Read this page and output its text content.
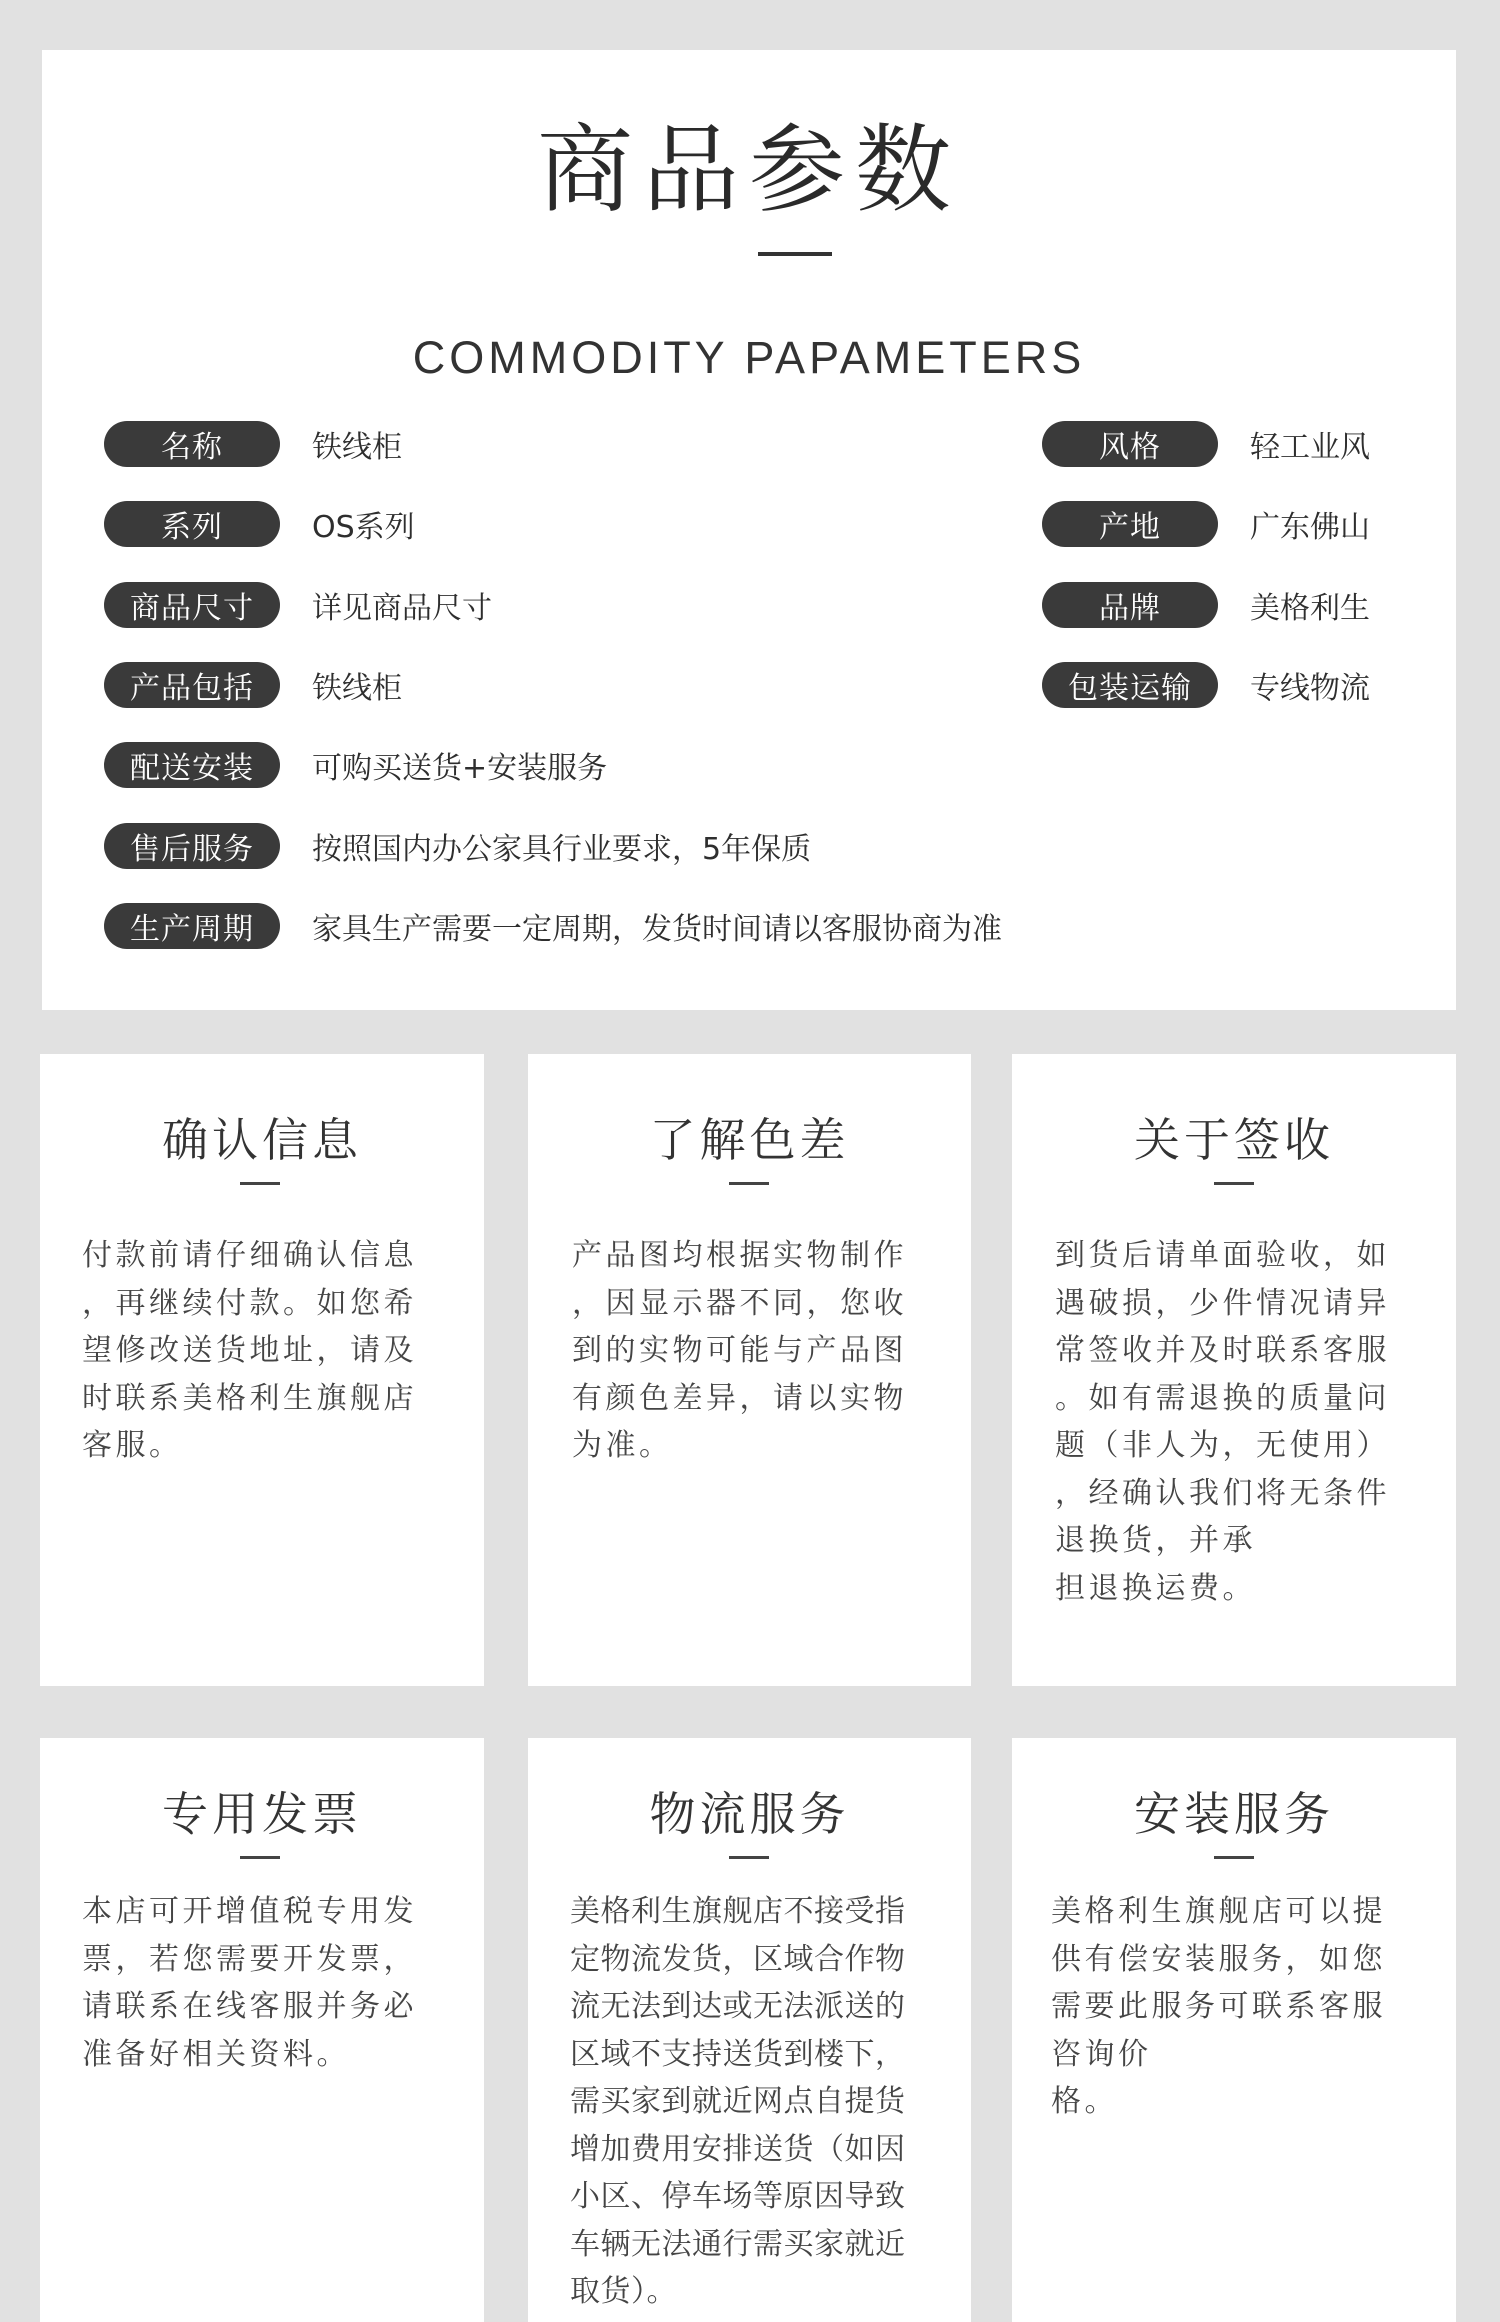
商品参数
COMMODITY PAPAMETERS
名称	铁线柜
系列	OS系列
商品尺寸	详见商品尺寸
产品包括	铁线柜
配送安装	可购买送货+安装服务
售后服务	按照国内办公家具行业要求，5年保质
生产周期	家具生产需要一定周期，发货时间请以客服协商为准
风格	轻工业风
产地	广东佛山
品牌	美格利生
包装运输	专线物流
确认信息
付款前请仔细确认信息
，再继续付款。如您希
望修改送货地址，请及
时联系美格利生旗舰店
客服。
了解色差
产品图均根据实物制作
，因显示器不同，您收
到的实物可能与产品图
有颜色差异，请以实物
为准。
关于签收
到货后请单面验收，如
遇破损，少件情况请异
常签收并及时联系客服
。如有需退换的质量问
题（非人为，无使用）
，经确认我们将无条件
退换货，并承
担退换运费。
专用发票
本店可开增值税专用发
票，若您需要开发票，
请联系在线客服并务必
准备好相关资料。
物流服务
美格利生旗舰店不接受指
定物流发货，区域合作物
流无法到达或无法派送的
区域不支持送货到楼下，
需买家到就近网点自提货
增加费用安排送货（如因
小区、停车场等原因导致
车辆无法通行需买家就近
取货）。
安装服务
美格利生旗舰店可以提
供有偿安装服务，如您
需要此服务可联系客服
咨询价
格。
